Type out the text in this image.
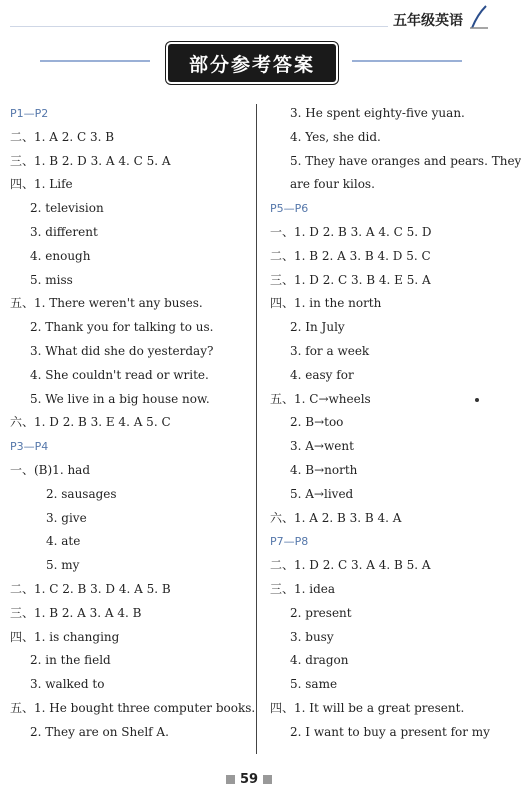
五年级英语
部分参考答案
P1—P2
二、1. A 2. C 3. B
三、1. B 2. D 3. A 4. C 5. A
四、1. Life
2. television
3. different
4. enough
5. miss
五、1. There weren't any buses.
2. Thank you for talking to us.
3. What did she do yesterday?
4. She couldn't read or write.
5. We live in a big house now.
六、1. D 2. B 3. E 4. A 5. C
P3—P4
一、(B)1. had
2. sausages
3. give
4. ate
5. my
二、1. C 2. B 3. D 4. A 5. B
三、1. B 2. A 3. A 4. B
四、1. is changing
2. in the field
3. walked to
五、1. He bought three computer books.
2. They are on Shelf A.
3. He spent eighty-five yuan.
4. Yes, she did.
5. They have oranges and pears. They
are four kilos.
P5—P6
一、1. D 2. B 3. A 4. C 5. D
二、1. B 2. A 3. B 4. D 5. C
三、1. D 2. C 3. B 4. E 5. A
四、1. in the north
2. In July
3. for a week
4. easy for
五、1. C→wheels
2. B→too
3. A→went
4. B→north
5. A→lived
六、1. A 2. B 3. B 4. A
P7—P8
二、1. D 2. C 3. A 4. B 5. A
三、1. idea
2. present
3. busy
4. dragon
5. same
四、1. It will be a great present.
2. I want to buy a present for my
59
